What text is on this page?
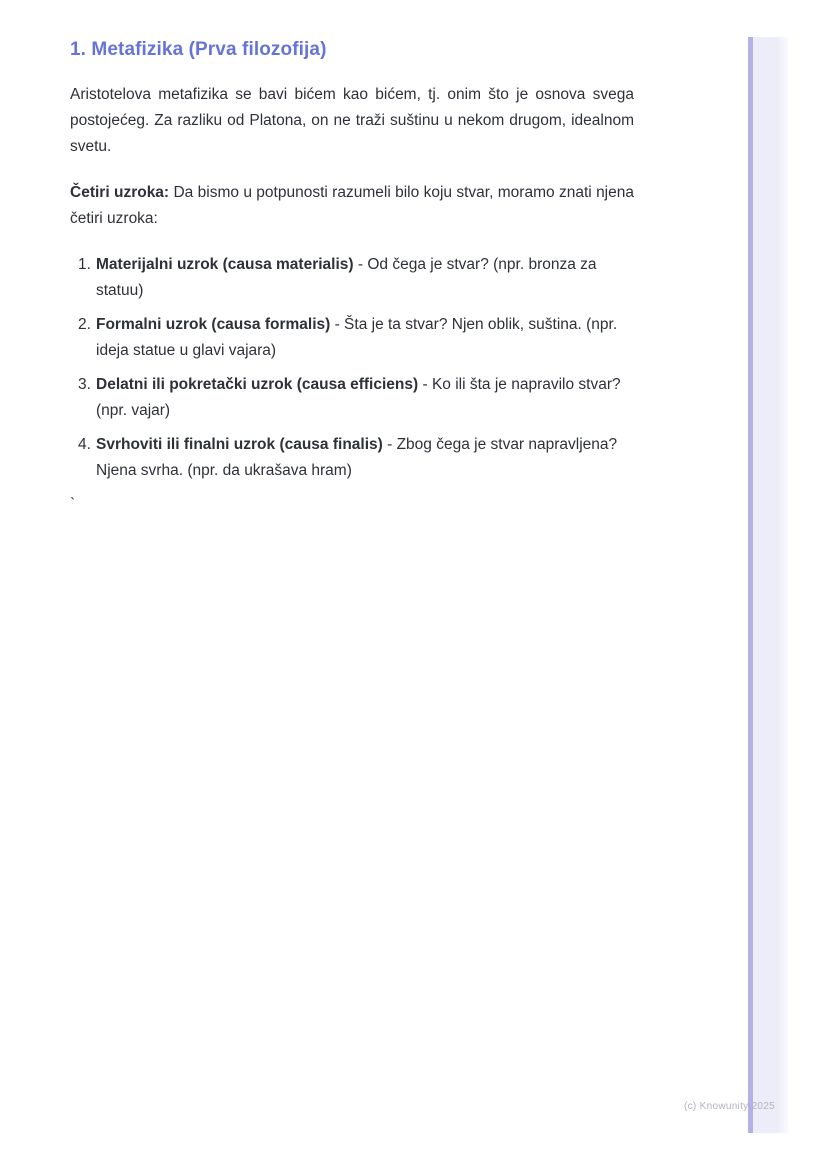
1. Metafizika (Prva filozofija)

Aristotelova metafizika se bavi bićem kao bićem, tj. onim što je osnova svega postojećeg. Za razliku od Platona, on ne traži suštinu u nekom drugom, idealnom svetu.

Četiri uzroka: Da bismo u potpunosti razumeli bilo koju stvar, moramo znati njena četiri uzroka:

1. Materijalni uzrok (causa materialis) - Od čega je stvar? (npr. bronza za statuu)
2. Formalni uzrok (causa formalis) - Šta je ta stvar? Njen oblik, suština. (npr. ideja statue u glavi vajara)
3. Delatni ili pokretački uzrok (causa efficiens) - Ko ili šta je napravilo stvar? (npr. vajar)
4. Svrhoviti ili finalni uzrok (causa finalis) - Zbog čega je stvar napravljena? Njena svrha. (npr. da ukrašava hram)

`

(c) Knowunity 2025
